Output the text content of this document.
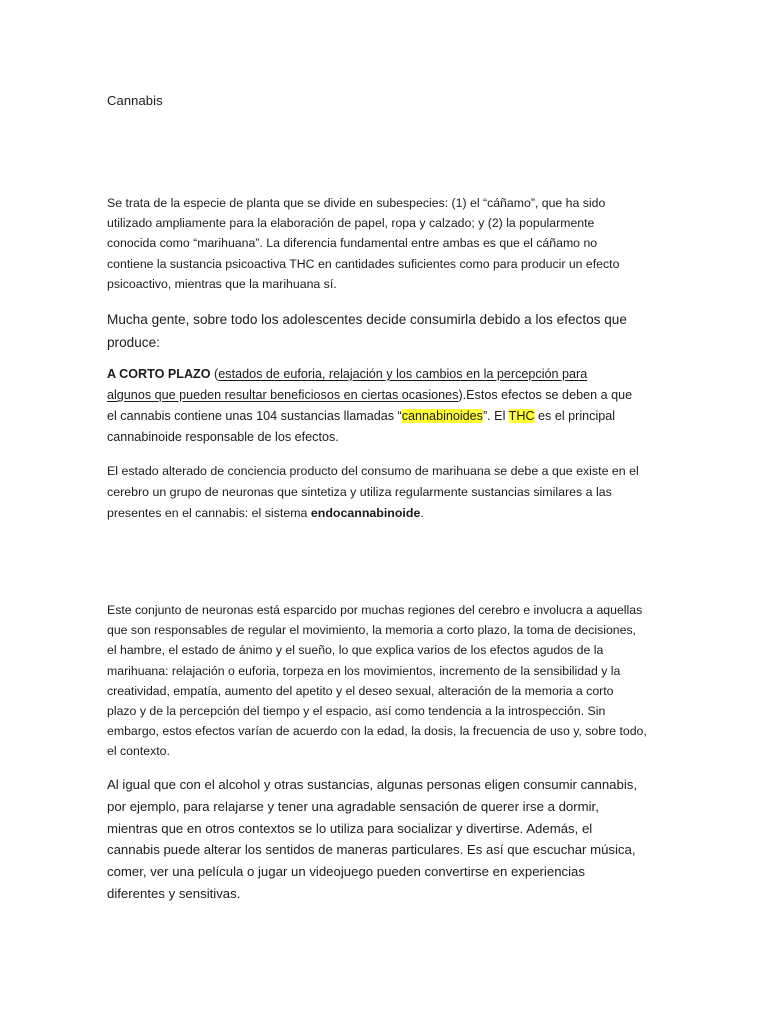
Cannabis

Se trata de la especie de planta que se divide en subespecies: (1) el “cáñamo”, que ha sido
utilizado ampliamente para la elaboración de papel, ropa y calzado; y (2) la popularmente
conocida como “marihuana”. La diferencia fundamental entre ambas es que el cáñamo no
contiene la sustancia psicoactiva THC en cantidades suficientes como para producir un efecto
psicoactivo, mientras que la marihuana sí.

Mucha gente, sobre todo los adolescentes decide consumirla debido a los efectos que
produce:

A CORTO PLAZO (estados de euforia, relajación y los cambios en la percepción para
algunos que pueden resultar beneficiosos en ciertas ocasiones).Estos efectos se deben a que
el cannabis contiene unas 104 sustancias llamadas “cannabinoides”. El THC es el principal
cannabinoide responsable de los efectos.

El estado alterado de conciencia producto del consumo de marihuana se debe a que existe en el
cerebro un grupo de neuronas que sintetiza y utiliza regularmente sustancias similares a las
presentes en el cannabis: el sistema endocannabinoide.

Este conjunto de neuronas está esparcido por muchas regiones del cerebro e involucra a aquellas
que son responsables de regular el movimiento, la memoria a corto plazo, la toma de decisiones,
el hambre, el estado de ánimo y el sueño, lo que explica varios de los efectos agudos de la
marihuana: relajación o euforia, torpeza en los movimientos, incremento de la sensibilidad y la
creatividad, empatía, aumento del apetito y el deseo sexual, alteración de la memoria a corto
plazo y de la percepción del tiempo y el espacio, así como tendencia a la introspección. Sin
embargo, estos efectos varían de acuerdo con la edad, la dosis, la frecuencia de uso y, sobre todo,
el contexto.

Al igual que con el alcohol y otras sustancias, algunas personas eligen consumir cannabis,
por ejemplo, para relajarse y tener una agradable sensación de querer irse a dormir,
mientras que en otros contextos se lo utiliza para socializar y divertirse. Además, el
cannabis puede alterar los sentidos de maneras particulares. Es así que escuchar música,
comer, ver una película o jugar un videojuego pueden convertirse en experiencias
diferentes y sensitivas.
